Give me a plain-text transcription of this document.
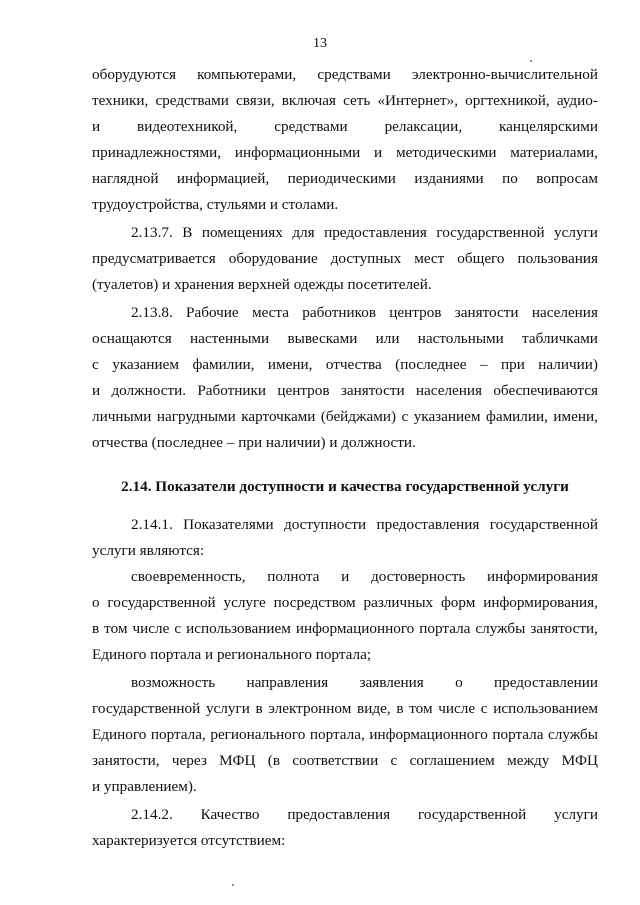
13
оборудуются компьютерами, средствами электронно-вычислительной
техники, средствами связи, включая сеть «Интернет», оргтехникой, аудио-
и видеотехникой, средствами релаксации, канцелярскими
принадлежностями, информационными и методическими материалами,
наглядной информацией, периодическими изданиями по вопросам
трудоустройства, стульями и столами.
2.13.7. В помещениях для предоставления государственной услуги
предусматривается оборудование доступных мест общего пользования
(туалетов) и хранения верхней одежды посетителей.
2.13.8. Рабочие места работников центров занятости населения
оснащаются настенными вывесками или настольными табличками
с указанием фамилии, имени, отчества (последнее – при наличии)
и должности. Работники центров занятости населения обеспечиваются
личными нагрудными карточками (бейджами) с указанием фамилии, имени,
отчества (последнее – при наличии) и должности.
2.14. Показатели доступности и качества государственной услуги
2.14.1. Показателями доступности предоставления государственной
услуги являются:
своевременность, полнота и достоверность информирования
о государственной услуге посредством различных форм информирования,
в том числе с использованием информационного портала службы занятости,
Единого портала и регионального портала;
возможность направления заявления о предоставлении
государственной услуги в электронном виде, в том числе с использованием
Единого портала, регионального портала, информационного портала службы
занятости, через МФЦ (в соответствии с соглашением между МФЦ
и управлением).
2.14.2. Качество предоставления государственной услуги
характеризуется отсутствием:
